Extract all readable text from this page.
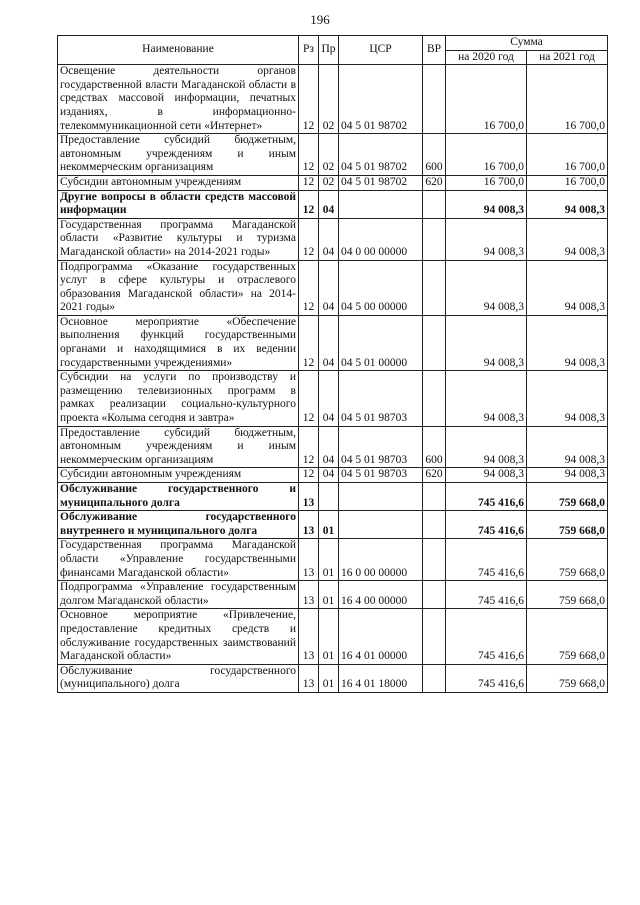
196
Наименование	Рз	Пр	ЦСР	ВР	Сумма	
					на 2020 год	на 2021 год
Освещение деятельности органов государственной власти Магаданской области в средствах массовой информации, печатных изданиях, в информационно-телекоммуникационной сети «Интернет»	12	02	04 5 01 98702		16 700,0	16 700,0
Предоставление субсидий бюджетным, автономным учреждениям и иным некоммерческим организациям	12	02	04 5 01 98702	600	16 700,0	16 700,0
Субсидии автономным учреждениям	12	02	04 5 01 98702	620	16 700,0	16 700,0
Другие вопросы в области средств массовой информации	12	04			94 008,3	94 008,3
Государственная программа Магаданской области «Развитие культуры и туризма Магаданской области» на 2014-2021 годы»	12	04	04 0 00 00000		94 008,3	94 008,3
Подпрограмма «Оказание государственных услуг в сфере культуры и отраслевого образования Магаданской области» на 2014-2021 годы»	12	04	04 5 00 00000		94 008,3	94 008,3
Основное мероприятие «Обеспечение выполнения функций государственными органами и находящимися в их ведении государственными учреждениями»	12	04	04 5 01 00000		94 008,3	94 008,3
Субсидии на услуги по производству и размещению телевизионных программ в рамках реализации социально-культурного проекта «Колыма сегодня и завтра»	12	04	04 5 01 98703		94 008,3	94 008,3
Предоставление субсидий бюджетным, автономным учреждениям и иным некоммерческим организациям	12	04	04 5 01 98703	600	94 008,3	94 008,3
Субсидии автономным учреждениям	12	04	04 5 01 98703	620	94 008,3	94 008,3
Обслуживание государственного и муниципального долга	13				745 416,6	759 668,0
Обслуживание государственного внутреннего и муниципального долга	13	01			745 416,6	759 668,0
Государственная программа Магаданской области «Управление государственными финансами Магаданской области»	13	01	16 0 00 00000		745 416,6	759 668,0
Подпрограмма «Управление государственным долгом Магаданской области»	13	01	16 4 00 00000		745 416,6	759 668,0
Основное мероприятие «Привлечение, предоставление кредитных средств и обслуживание государственных заимствований Магаданской области»	13	01	16 4 01 00000		745 416,6	759 668,0
Обслуживание государственного (муниципального) долга	13	01	16 4 01 18000		745 416,6	759 668,0
